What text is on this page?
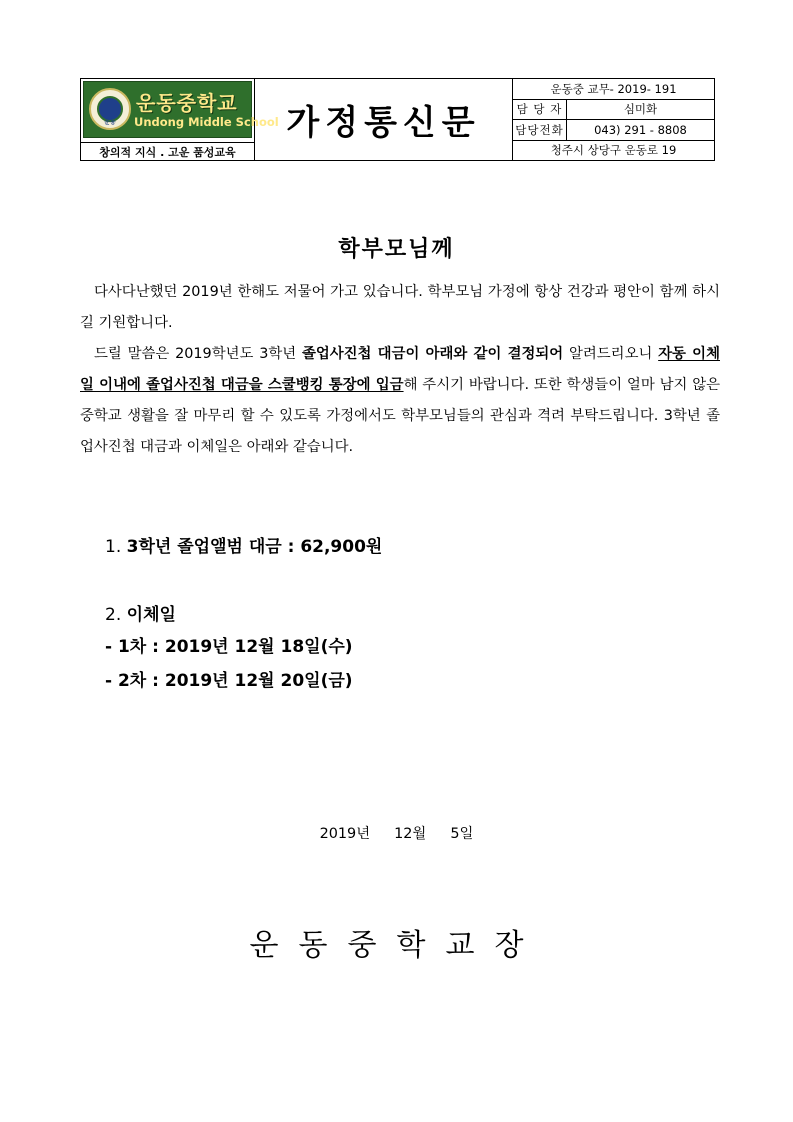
운동
운동중학교
Undong Middle School
창의적 지식 . 고운 품성교육
가정통신문
운동중 교무- 2019- 191
담 당 자	심미화
담당전화	043) 291 - 8808
청주시 상당구 운동로 19
학부모님께
다사다난했던 2019년 한해도 저물어 가고 있습니다. 학부모님 가정에 항상 건강과 평안이 함께 하시길 기원합니다.
드릴 말씀은 2019학년도 3학년 졸업사진첩 대금이 아래와 같이 결정되어 알려드리오니 자동 이체일 이내에 졸업사진첩 대금을 스쿨뱅킹 통장에 입금해 주시기 바랍니다. 또한 학생들이 얼마 남지 않은 중학교 생활을 잘 마무리 할 수 있도록 가정에서도 학부모님들의 관심과 격려 부탁드립니다. 3학년 졸업사진첩 대금과 이체일은 아래와 같습니다.
1. 3학년 졸업앨범 대금 : 62,900원
2. 이체일
- 1차 : 2019년 12월 18일(수)
- 2차 : 2019년 12월 20일(금)
2019년 12월 5일
운동중학교장
